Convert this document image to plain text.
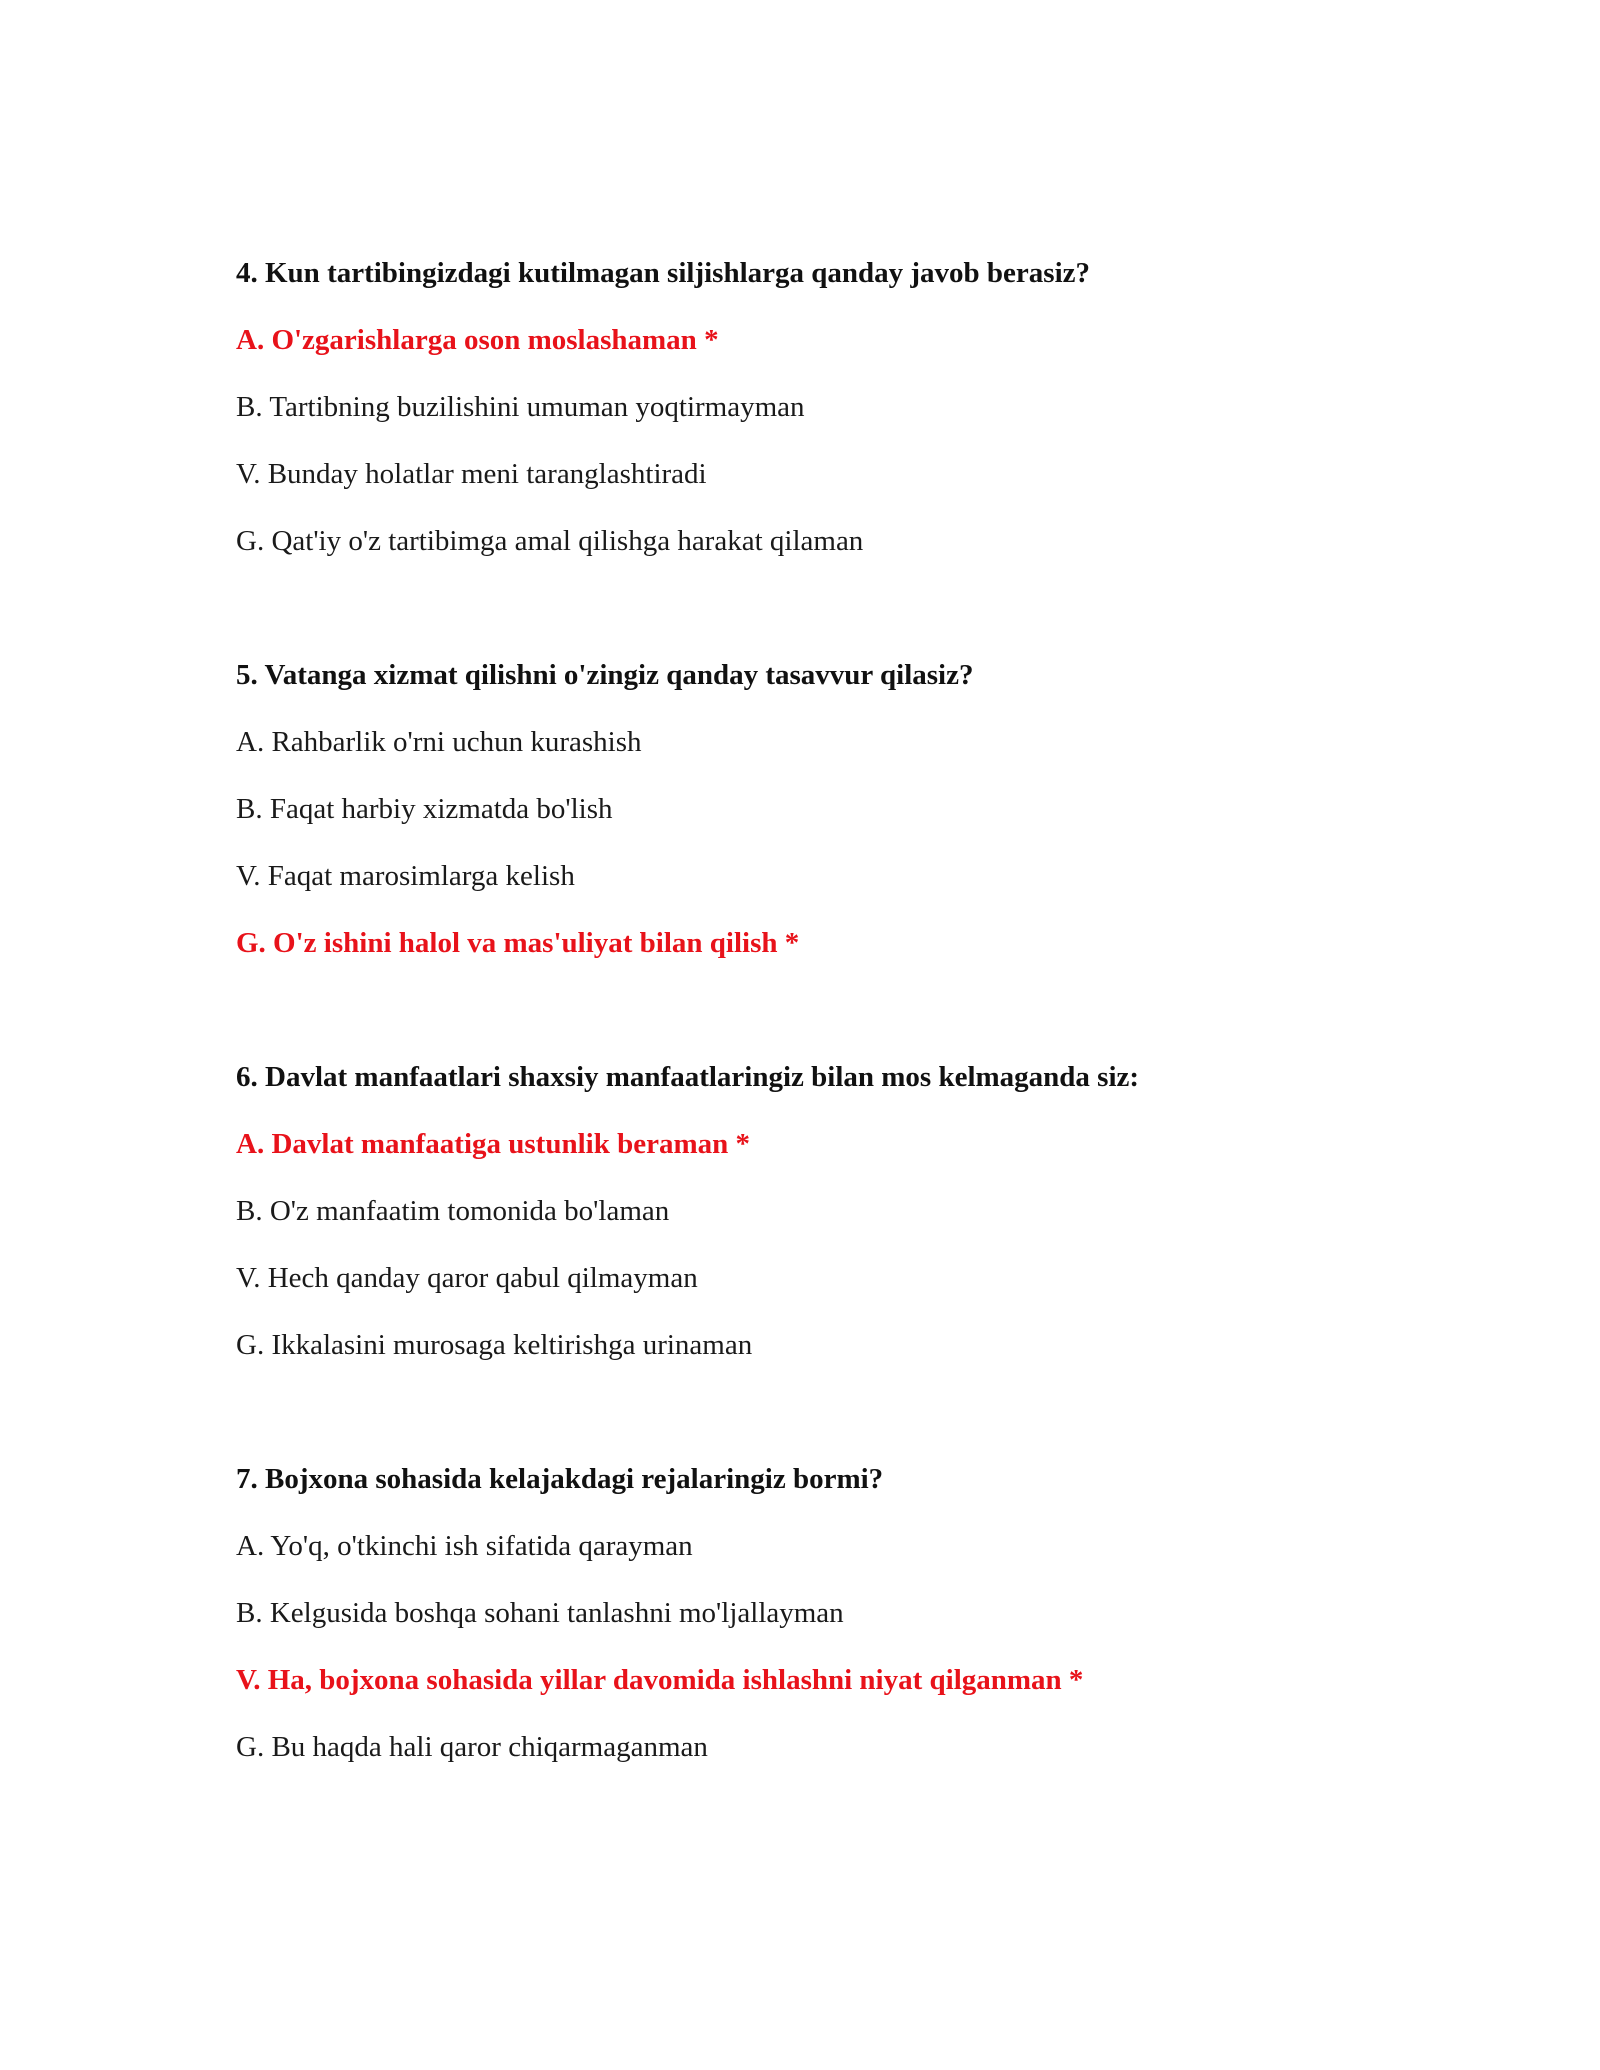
4. Kun tartibingizdagi kutilmagan siljishlarga qanday javob berasiz?
A. O'zgarishlarga oson moslashaman *
B. Tartibning buzilishini umuman yoqtirmayman
V. Bunday holatlar meni taranglashtiradi
G. Qat'iy o'z tartibimga amal qilishga harakat qilaman
5. Vatanga xizmat qilishni o'zingiz qanday tasavvur qilasiz?
A. Rahbarlik o'rni uchun kurashish
B. Faqat harbiy xizmatda bo'lish
V. Faqat marosimlarga kelish
G. O'z ishini halol va mas'uliyat bilan qilish *
6. Davlat manfaatlari shaxsiy manfaatlaringiz bilan mos kelmaganda siz:
A. Davlat manfaatiga ustunlik beraman *
B. O'z manfaatim tomonida bo'laman
V. Hech qanday qaror qabul qilmayman
G. Ikkalasini murosaga keltirishga urinaman
7. Bojxona sohasida kelajakdagi rejalaringiz bormi?
A. Yo'q, o'tkinchi ish sifatida qarayman
B. Kelgusida boshqa sohani tanlashni mo'ljallayman
V. Ha, bojxona sohasida yillar davomida ishlashni niyat qilganman *
G. Bu haqda hali qaror chiqarmaganman
